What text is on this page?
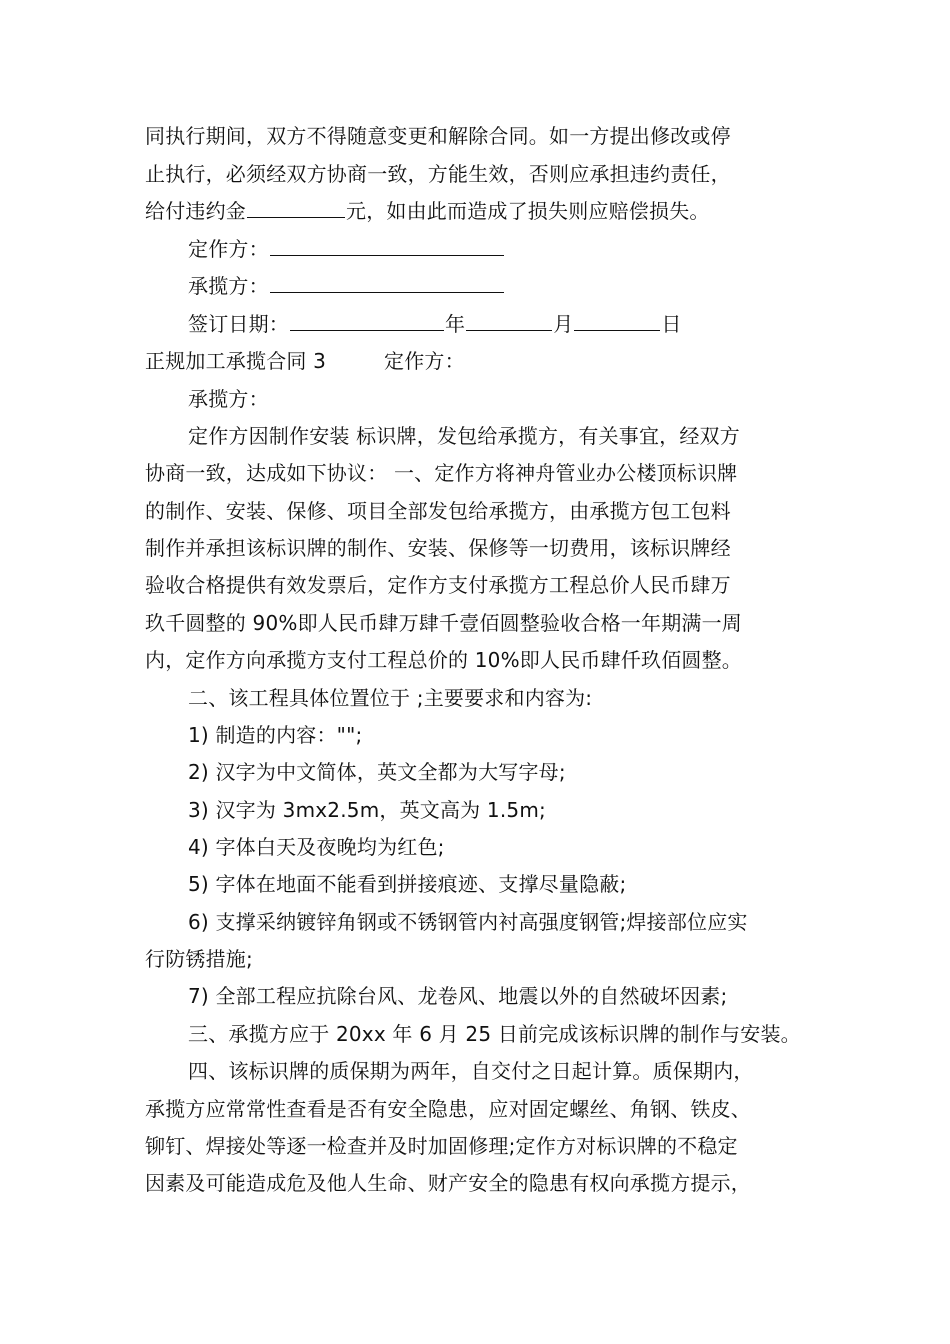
同执行期间，双方不得随意变更和解除合同。如一方提出修改或停
止执行，必须经双方协商一致，方能生效，否则应承担违约责任，
给付违约金	元，如由此而造成了损失则应赔偿损失。
定作方：
承揽方：
签订日期：	年	月	日
正规加工承揽合同 3	定作方：
承揽方：
定作方因制作安装 标识牌，发包给承揽方，有关事宜，经双方
协商一致，达成如下协议： 一、定作方将神舟管业办公楼顶标识牌
的制作、安装、保修、项目全部发包给承揽方，由承揽方包工包料
制作并承担该标识牌的制作、安装、保修等一切费用，该标识牌经
验收合格提供有效发票后，定作方支付承揽方工程总价人民币肆万
玖千圆整的 90%即人民币肆万肆千壹佰圆整验收合格一年期满一周
内，定作方向承揽方支付工程总价的 10%即人民币肆仟玖佰圆整。
二、该工程具体位置位于 ;主要要求和内容为:
1) 制造的内容："";
2) 汉字为中文简体，英文全都为大写字母;
3) 汉字为 3mx2.5m，英文高为 1.5m;
4) 字体白天及夜晚均为红色;
5) 字体在地面不能看到拼接痕迹、支撑尽量隐蔽;
6) 支撑采纳镀锌角钢或不锈钢管内衬高强度钢管;焊接部位应实
行防锈措施;
7) 全部工程应抗除台风、龙卷风、地震以外的自然破坏因素;
三、承揽方应于 20xx 年 6 月 25 日前完成该标识牌的制作与安装。
四、该标识牌的质保期为两年，自交付之日起计算。质保期内，
承揽方应常常性查看是否有安全隐患，应对固定螺丝、角钢、铁皮、
铆钉、焊接处等逐一检查并及时加固修理;定作方对标识牌的不稳定
因素及可能造成危及他人生命、财产安全的隐患有权向承揽方提示，
